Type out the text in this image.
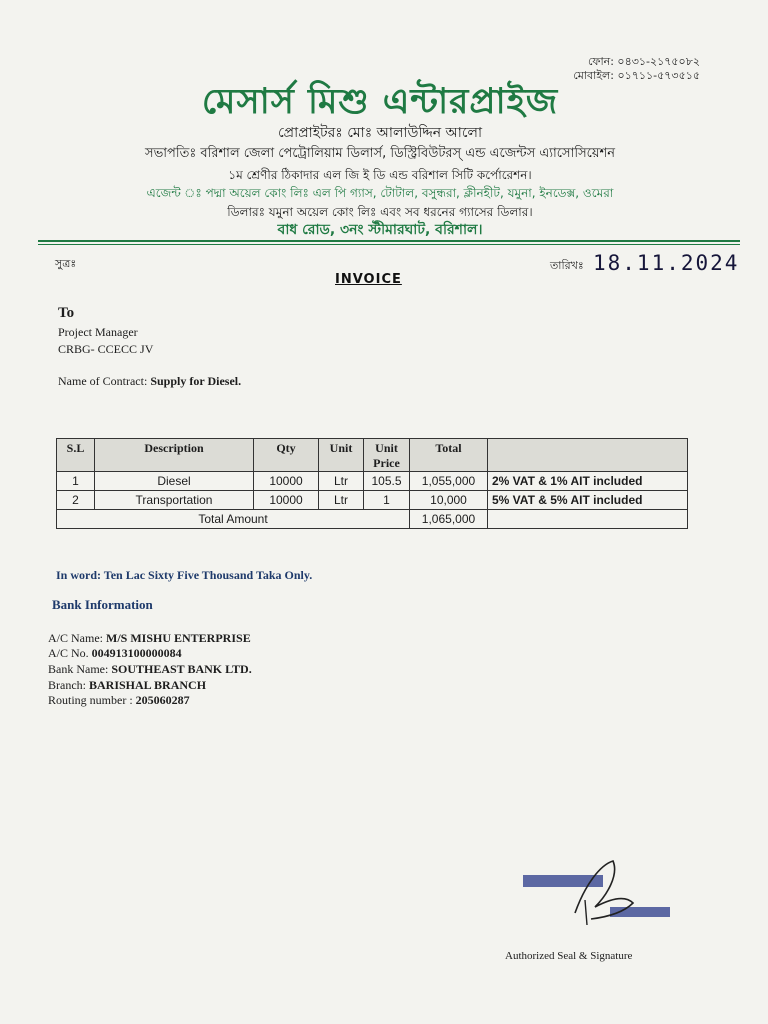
ফোন: ০৪৩১-২১৭৫০৮২
মোবাইল: ০১৭১১-৫৭৩৫১৫
মেসার্স মিশু এন্টারপ্রাইজ
প্রোপ্রাইটরঃ মোঃ আলাউদ্দিন আলো
সভাপতিঃ বরিশাল জেলা পেট্রোলিয়াম ডিলার্স, ডিস্ট্রিবিউটরস্ এন্ড এজেন্টস এ্যাসোসিয়েশন
১ম শ্রেণীর ঠিকাদার এল জি ই ডি এন্ড বরিশাল সিটি কর্পোরেশন।
এজেন্ট ঃ পদ্মা অয়েল কোং লিঃ এল পি গ্যাস, টোটাল, বসুন্ধরা, ক্লীনহীট, যমুনা, ইনডেক্স, ওমেরা
ডিলারঃ যমুনা অয়েল কোং লিঃ এবং সব ধরনের গ্যাসের ডিলার।
বাধ রোড, ৩নং স্টীমারঘাট, বরিশাল।
সুত্রঃ	তারিখঃ 18.11.2024
INVOICE
To
Project Manager
CRBG- CCECC JV
Name of Contract: Supply for Diesel.
S.L	Description	Qty	Unit	Unit Price	Total	
1	Diesel	10000	Ltr	105.5	1,055,000	2% VAT & 1% AIT included
2	Transportation	10000	Ltr	1	10,000	5% VAT & 5% AIT included
Total Amount					1,065,000	
In word: Ten Lac Sixty Five Thousand Taka Only.
Bank Information
A/C Name: M/S MISHU ENTERPRISE
A/C No. 004913100000084
Bank Name: SOUTHEAST BANK LTD.
Branch: BARISHAL BRANCH
Routing number : 205060287
Authorized Seal & Signature
